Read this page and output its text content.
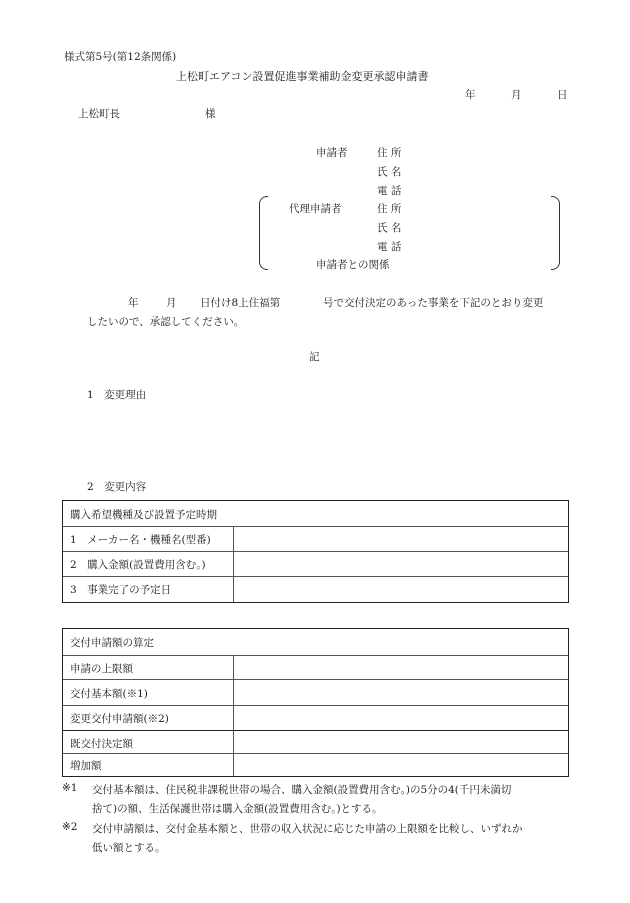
様式第5号(第12条関係)
上松町エアコン設置促進事業補助金変更承認申請書
年	月	日
上松町長	様
申請者	住 所
氏 名
電 話
代理申請者	住 所
氏 名
電 話
申請者との関係
年	月 日付け8上住福第	号で交付決定のあった事業を下記のとおり変更
したいので、承認してください。
記
1　変更理由
2　変更内容
購入希望機種及び設置予定時期
1　メーカー名・機種名(型番)
2　購入金額(設置費用含む。)
3　事業完了の予定日
交付申請額の算定
申請の上限額
交付基本額(※1)
変更交付申請額(※2)
既交付決定額
増加額
※1 交付基本額は、住民税非課税世帯の場合、購入金額(設置費用含む。)の5分の4(千円未満切
捨て)の額、生活保護世帯は購入金額(設置費用含む。)とする。
※2 交付申請額は、交付金基本額と、世帯の収入状況に応じた申請の上限額を比較し、いずれか
低い額とする。
